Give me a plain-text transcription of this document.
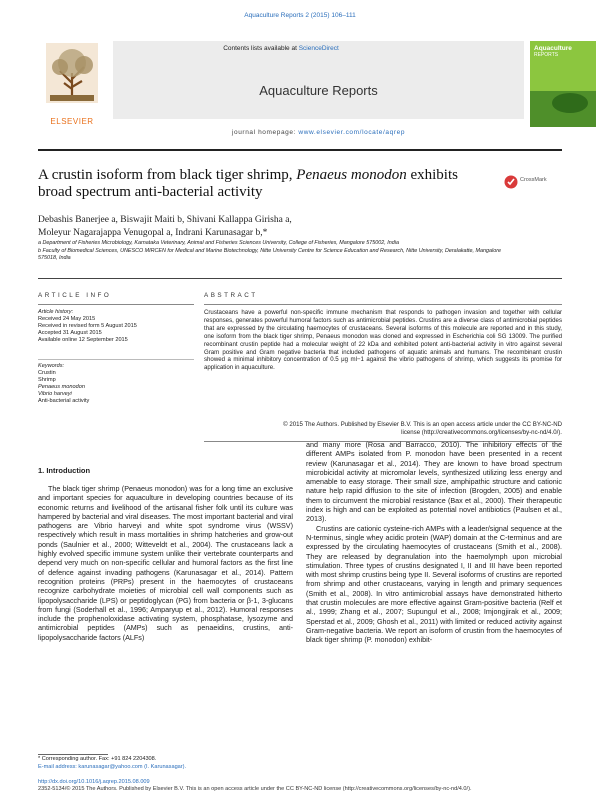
Aquaculture Reports 2 (2015) 106–111
ELSEVIER
Contents lists available at ScienceDirect
Aquaculture Reports
journal homepage: www.elsevier.com/locate/aqrep
Aquaculture
REPORTS
A crustin isoform from black tiger shrimp, Penaeus monodon exhibits broad spectrum anti-bacterial activity
CrossMark
Debashis Banerjee a, Biswajit Maiti b, Shivani Kallappa Girisha a,
Moleyur Nagarajappa Venugopal a, Indrani Karunasagar b,*
a Department of Fisheries Microbiology, Karnataka Veterinary, Animal and Fisheries Sciences University, College of Fisheries, Mangalore 575002, India
b Faculty of Biomedical Sciences, UNESCO MIRCEN for Medical and Marine Biotechnology, Nitte University Centre for Science Education and Research, Nitte University, Deralakatte, Mangalore 575018, India
ARTICLE INFO	ABSTRACT
Article history:
Received 24 May 2015
Received in revised form 5 August 2015
Accepted 31 August 2015
Available online 12 September 2015
Keywords:
Crustin
Shrimp
Penaeus monodon
Vibrio harveyi
Anti-bacterial activity
Crustaceans have a powerful non-specific immune mechanism that responds to pathogen invasion and together with cellular responses, generates powerful humoral factors such as antimicrobial peptides. Crustins are a diverse class of antimicrobial peptides that are expressed by the circulating haemocytes of crustaceans. Several isoforms of this molecule are reported and in this study, one isoform from the black tiger shrimp, Penaeus monodon was cloned and expressed in Escherichia coli SG 13009. The purified recombinant crustin peptide had a molecular weight of 22 kDa and exhibited potent anti-bacterial activity in vitro against several Gram positive and Gram negative bacteria that included pathogens of aquatic animals and humans. The recombinant crustin showed a minimal inhibitory concentration of 0.5 μg ml−1 against the vibrio pathogens of shrimp, which suggests its promise for application in aquaculture.
© 2015 The Authors. Published by Elsevier B.V. This is an open access article under the CC BY-NC-ND
license (http://creativecommons.org/licenses/by-nc-nd/4.0/).
1. Introduction

The black tiger shrimp (Penaeus monodon) was for a long time an exclusive and important species for aquaculture in developing countries because of its economic returns and livelihood of the artisanal fisher folk until its culture was hampered by bacterial and viral diseases. The most important bacterial and viral pathogens are Vibrio harveyi and white spot syndrome virus (WSSV) respectively which result in mass mortalities in shrimp hatcheries and grow-out ponds (Saulnier et al., 2000; Witteveldt et al., 2004). The crustaceans lack a highly evolved specific immune system unlike their vertebrate counterparts and depend very much on non-specific cellular and humoral factors as the first line of defence against invading pathogens (Karunasagar et al., 2014). Pattern recognition proteins (PRPs) present in the haemocytes of crustaceans recognize carbohydrate moieties of microbial cell wall components such as lipopolysaccharide (LPS) or peptidoglycan (PG) from bacteria or β-1, 3-glucans from fungi (Soderhall et al., 1996; Amparyup et al., 2012). Humoral responses include the prophenoloxidase activating system, phosphatase, lysozyme and antimicrobial peptides (AMPs) such as penaeidins, crustins, anti-lipopolysaccharide factors (ALFs)

and many more (Rosa and Barracco, 2010). The inhibitory effects of the different AMPs isolated from P. monodon have been presented in a recent review (Karunasagar et al., 2014). They are known to have broad spectrum microbicidal activity at micromolar levels, synthesized utilizing less energy and amenable to easy storage. Their small size, amphipathic structure and cationic nature help rapid diffusion to the site of infection (Brogden, 2005) and enable them to circumvent the microbial resistance (Bax et al., 2000). Their therapeutic index is high and can be exploited as potential novel antibiotics (Paulsen et al., 2013).

Crustins are cationic cysteine-rich AMPs with a leader/signal sequence at the N-terminus, single whey acidic protein (WAP) domain at the C-terminus and are expressed by the circulating haemocytes of crustaceans (Smith et al., 2008). They are released by degranulation into the haemolymph upon microbial stimulation. Three types of crustins designated I, II and III have been reported with most shrimp crustins being type II. Several isoforms of crustins are reported from shrimp and other crustaceans, varying in length and primary sequences (Smith et al., 2008). In vitro antimicrobial assays have demonstrated hitherto that crustin molecules are more effective against Gram-positive bacteria (Relf et al., 1999; Zhang et al., 2007; Supungul et al., 2008; Imjongjirak et al., 2009; Sperstad et al., 2009; Ghosh et al., 2011) with limited or reduced activity against Gram-negative bacteria. We report an isoform of crustin from the haemocytes of black tiger shrimp (P. monodon) exhibit-

* Corresponding author. Fax: +91 824 2204308.
E-mail address: karunasagar@yahoo.com (I. Karunasagar).
http://dx.doi.org/10.1016/j.aqrep.2015.08.009
2352-5134/© 2015 The Authors. Published by Elsevier B.V. This is an open access article under the CC BY-NC-ND license (http://creativecommons.org/licenses/by-nc-nd/4.0/).
